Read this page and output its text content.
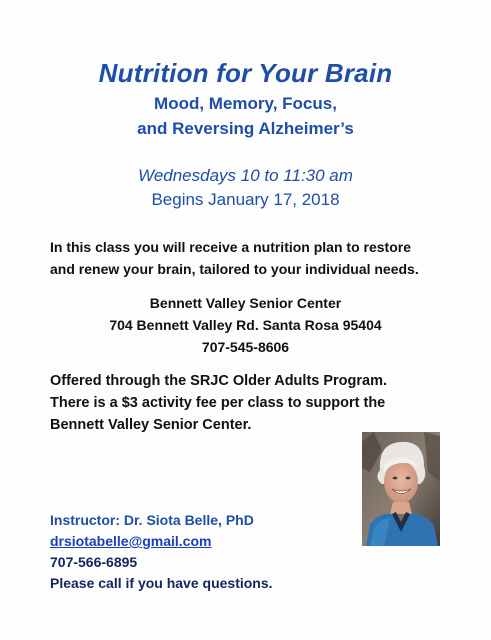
Nutrition for Your Brain
Mood, Memory, Focus,
and Reversing Alzheimer’s
Wednesdays 10 to 11:30 am
Begins January 17, 2018
In this class you will receive a nutrition plan to restore
and renew your brain, tailored to your individual needs.
Bennett Valley Senior Center
704 Bennett Valley Rd. Santa Rosa 95404
707-545-8606
Offered through the SRJC Older Adults Program.
There is a $3 activity fee per class to support the
Bennett Valley Senior Center.
Instructor: Dr. Siota Belle, PhD
drsiotabelle@gmail.com
707-566-6895
Please call if you have questions.
